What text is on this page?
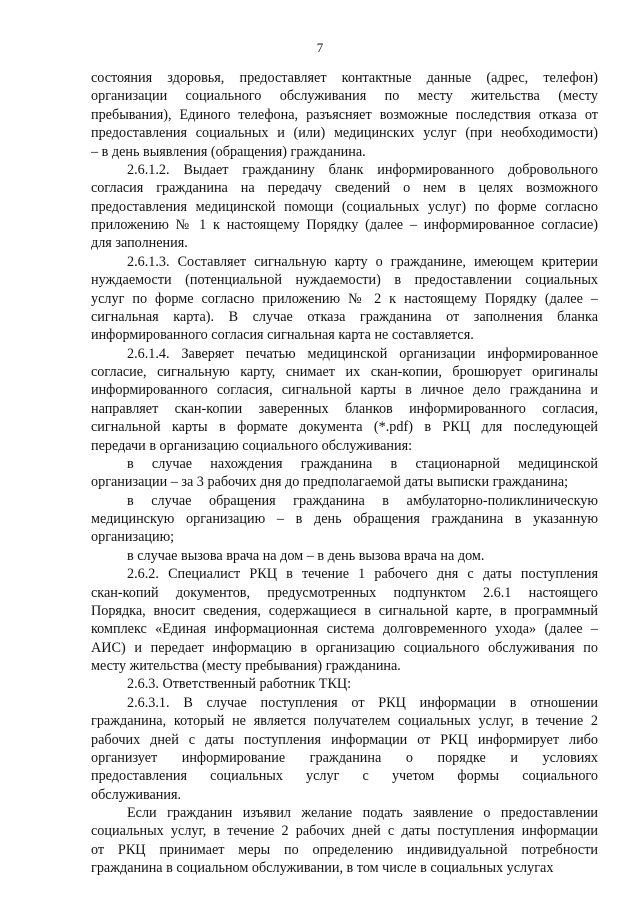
7
состояния здоровья, предоставляет контактные данные (адрес, телефон)
организации социального обслуживания по месту жительства (месту
пребывания), Единого телефона, разъясняет возможные последствия отказа от
предоставления социальных и (или) медицинских услуг (при необходимости)
– в день выявления (обращения) гражданина.
2.6.1.2. Выдает гражданину бланк информированного добровольного
согласия гражданина на передачу сведений о нем в целях возможного
предоставления медицинской помощи (социальных услуг) по форме согласно
приложению № 1 к настоящему Порядку (далее – информированное согласие)
для заполнения.
2.6.1.3. Составляет сигнальную карту о гражданине, имеющем критерии
нуждаемости (потенциальной нуждаемости) в предоставлении социальных
услуг по форме согласно приложению № 2 к настоящему Порядку (далее –
сигнальная карта). В случае отказа гражданина от заполнения бланка
информированного согласия сигнальная карта не составляется.
2.6.1.4. Заверяет печатью медицинской организации информированное
согласие, сигнальную карту, снимает их скан-копии, брошюрует оригиналы
информированного согласия, сигнальной карты в личное дело гражданина и
направляет скан-копии заверенных бланков информированного согласия,
сигнальной карты в формате документа (*.pdf) в РКЦ для последующей
передачи в организацию социального обслуживания:
в случае нахождения гражданина в стационарной медицинской
организации – за 3 рабочих дня до предполагаемой даты выписки гражданина;
в случае обращения гражданина в амбулаторно-поликлиническую
медицинскую организацию – в день обращения гражданина в указанную
организацию;
в случае вызова врача на дом – в день вызова врача на дом.
2.6.2. Специалист РКЦ в течение 1 рабочего дня с даты поступления
скан-копий документов, предусмотренных подпунктом 2.6.1 настоящего
Порядка, вносит сведения, содержащиеся в сигнальной карте, в программный
комплекс «Единая информационная система долговременного ухода» (далее –
АИС) и передает информацию в организацию социального обслуживания по
месту жительства (месту пребывания) гражданина.
2.6.3. Ответственный работник ТКЦ:
2.6.3.1. В случае поступления от РКЦ информации в отношении
гражданина, который не является получателем социальных услуг, в течение 2
рабочих дней с даты поступления информации от РКЦ информирует либо
организует информирование гражданина о порядке и условиях
предоставления социальных услуг с учетом формы социального
обслуживания.
Если гражданин изъявил желание подать заявление о предоставлении
социальных услуг, в течение 2 рабочих дней с даты поступления информации
от РКЦ принимает меры по определению индивидуальной потребности
гражданина в социальном обслуживании, в том числе в социальных услугах
